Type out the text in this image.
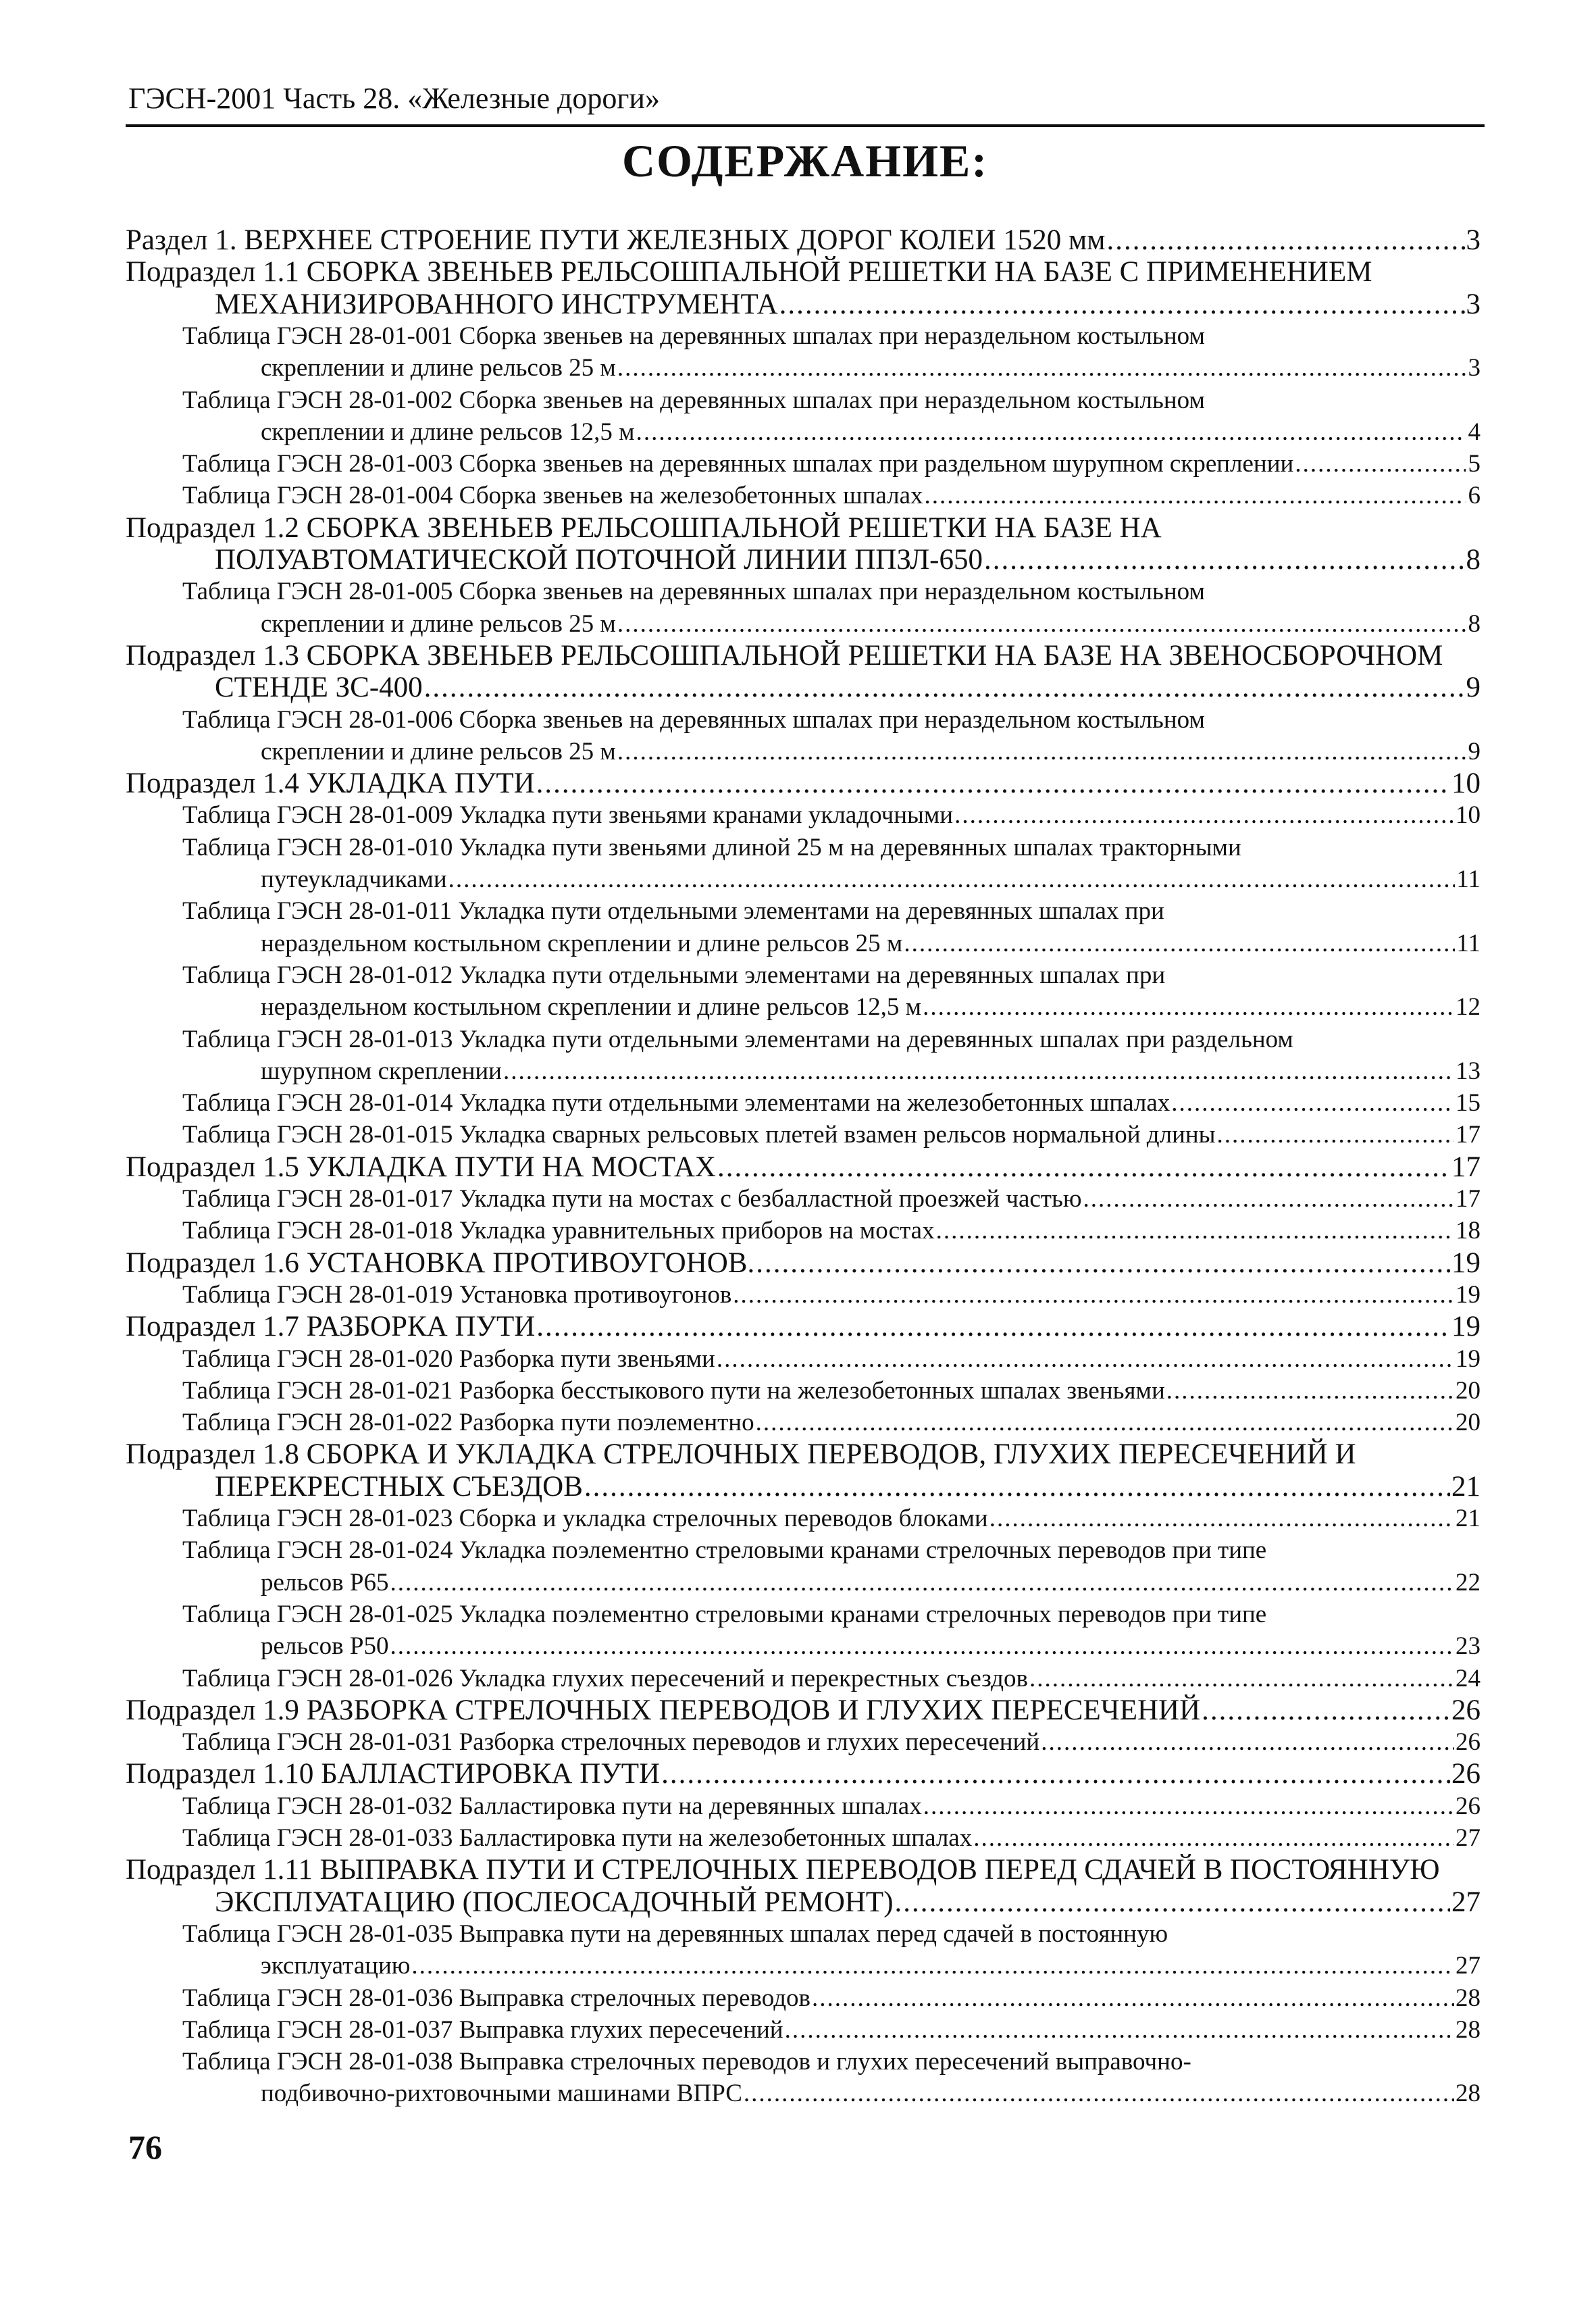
ГЭСН-2001 Часть 28. «Железные дороги»
СОДЕРЖАНИЕ:
Раздел 1. ВЕРХНЕЕ СТРОЕНИЕ ПУТИ ЖЕЛЕЗНЫХ ДОРОГ КОЛЕИ 1520 мм .....	3
Подраздел 1.1 СБОРКА ЗВЕНЬЕВ РЕЛЬСОШПАЛЬНОЙ РЕШЕТКИ НА БАЗЕ С ПРИМЕНЕНИЕМ
МЕХАНИЗИРОВАННОГО ИНСТРУМЕНТА .....	3
Таблица ГЭСН 28-01-001 Сборка звеньев на деревянных шпалах при нераздельном костыльном
скреплении и длине рельсов 25 м .....	3
Таблица ГЭСН 28-01-002 Сборка звеньев на деревянных шпалах при нераздельном костыльном
скреплении и длине рельсов 12,5 м .....	4
Таблица ГЭСН 28-01-003 Сборка звеньев на деревянных шпалах при раздельном шурупном скреплении .....	5
Таблица ГЭСН 28-01-004 Сборка звеньев на железобетонных шпалах .....	6
Подраздел 1.2 СБОРКА ЗВЕНЬЕВ РЕЛЬСОШПАЛЬНОЙ РЕШЕТКИ НА БАЗЕ НА
ПОЛУАВТОМАТИЧЕСКОЙ ПОТОЧНОЙ ЛИНИИ ППЗЛ-650 .....	8
Таблица ГЭСН 28-01-005 Сборка звеньев на деревянных шпалах при нераздельном костыльном
скреплении и длине рельсов 25 м .....	8
Подраздел 1.3 СБОРКА ЗВЕНЬЕВ РЕЛЬСОШПАЛЬНОЙ РЕШЕТКИ НА БАЗЕ НА ЗВЕНОСБОРОЧНОМ
СТЕНДЕ ЗС-400 .....	9
Таблица ГЭСН 28-01-006 Сборка звеньев на деревянных шпалах при нераздельном костыльном
скреплении и длине рельсов 25 м .....	9
Подраздел 1.4 УКЛАДКА ПУТИ .....	10
Таблица ГЭСН 28-01-009 Укладка пути звеньями кранами укладочными .....	10
Таблица ГЭСН 28-01-010 Укладка пути звеньями длиной 25 м на деревянных шпалах тракторными
путеукладчиками .....	11
Таблица ГЭСН 28-01-011 Укладка пути отдельными элементами на деревянных шпалах при
нераздельном костыльном скреплении и длине рельсов 25 м .....	11
Таблица ГЭСН 28-01-012 Укладка пути отдельными элементами на деревянных шпалах при
нераздельном костыльном скреплении и длине рельсов 12,5 м .....	12
Таблица ГЭСН 28-01-013 Укладка пути отдельными элементами на деревянных шпалах при раздельном
шурупном скреплении .....	13
Таблица ГЭСН 28-01-014 Укладка пути отдельными элементами на железобетонных шпалах .....	15
Таблица ГЭСН 28-01-015 Укладка сварных рельсовых плетей взамен рельсов нормальной длины .....	17
Подраздел 1.5 УКЛАДКА ПУТИ НА МОСТАХ .....	17
Таблица ГЭСН 28-01-017 Укладка пути на мостах с безбалластной проезжей частью .....	17
Таблица ГЭСН 28-01-018 Укладка уравнительных приборов на мостах .....	18
Подраздел 1.6 УСТАНОВКА ПРОТИВОУГОНОВ. .....	19
Таблица ГЭСН 28-01-019 Установка противоугонов .....	19
Подраздел 1.7 РАЗБОРКА ПУТИ .....	19
Таблица ГЭСН 28-01-020 Разборка пути звеньями .....	19
Таблица ГЭСН 28-01-021 Разборка бесстыкового пути на железобетонных шпалах звеньями .....	20
Таблица ГЭСН 28-01-022 Разборка пути поэлементно .....	20
Подраздел 1.8 СБОРКА И УКЛАДКА СТРЕЛОЧНЫХ ПЕРЕВОДОВ, ГЛУХИХ ПЕРЕСЕЧЕНИЙ И
ПЕРЕКРЕСТНЫХ СЪЕЗДОВ .....	21
Таблица ГЭСН 28-01-023 Сборка и укладка стрелочных переводов блоками .....	21
Таблица ГЭСН 28-01-024 Укладка поэлементно стреловыми кранами стрелочных переводов при типе
рельсов Р65 .....	22
Таблица ГЭСН 28-01-025 Укладка поэлементно стреловыми кранами стрелочных переводов при типе
рельсов Р50 .....	23
Таблица ГЭСН 28-01-026 Укладка глухих пересечений и перекрестных съездов .....	24
Подраздел 1.9 РАЗБОРКА СТРЕЛОЧНЫХ ПЕРЕВОДОВ И ГЛУХИХ ПЕРЕСЕЧЕНИЙ .....	26
Таблица ГЭСН 28-01-031 Разборка стрелочных переводов и глухих пересечений .....	26
Подраздел 1.10 БАЛЛАСТИРОВКА ПУТИ .....	26
Таблица ГЭСН 28-01-032 Балластировка пути на деревянных шпалах .....	26
Таблица ГЭСН 28-01-033 Балластировка пути на железобетонных шпалах .....	27
Подраздел 1.11 ВЫПРАВКА ПУТИ И СТРЕЛОЧНЫХ ПЕРЕВОДОВ ПЕРЕД СДАЧЕЙ В ПОСТОЯННУЮ
ЭКСПЛУАТАЦИЮ (ПОСЛЕОСАДОЧНЫЙ РЕМОНТ) .....	27
Таблица ГЭСН 28-01-035 Выправка пути на деревянных шпалах перед сдачей в постоянную
эксплуатацию .....	27
Таблица ГЭСН 28-01-036 Выправка стрелочных переводов .....	28
Таблица ГЭСН 28-01-037 Выправка глухих пересечений .....	28
Таблица ГЭСН 28-01-038 Выправка стрелочных переводов и глухих пересечений выправочно-
подбивочно-рихтовочными машинами ВПРС .....	28
76
